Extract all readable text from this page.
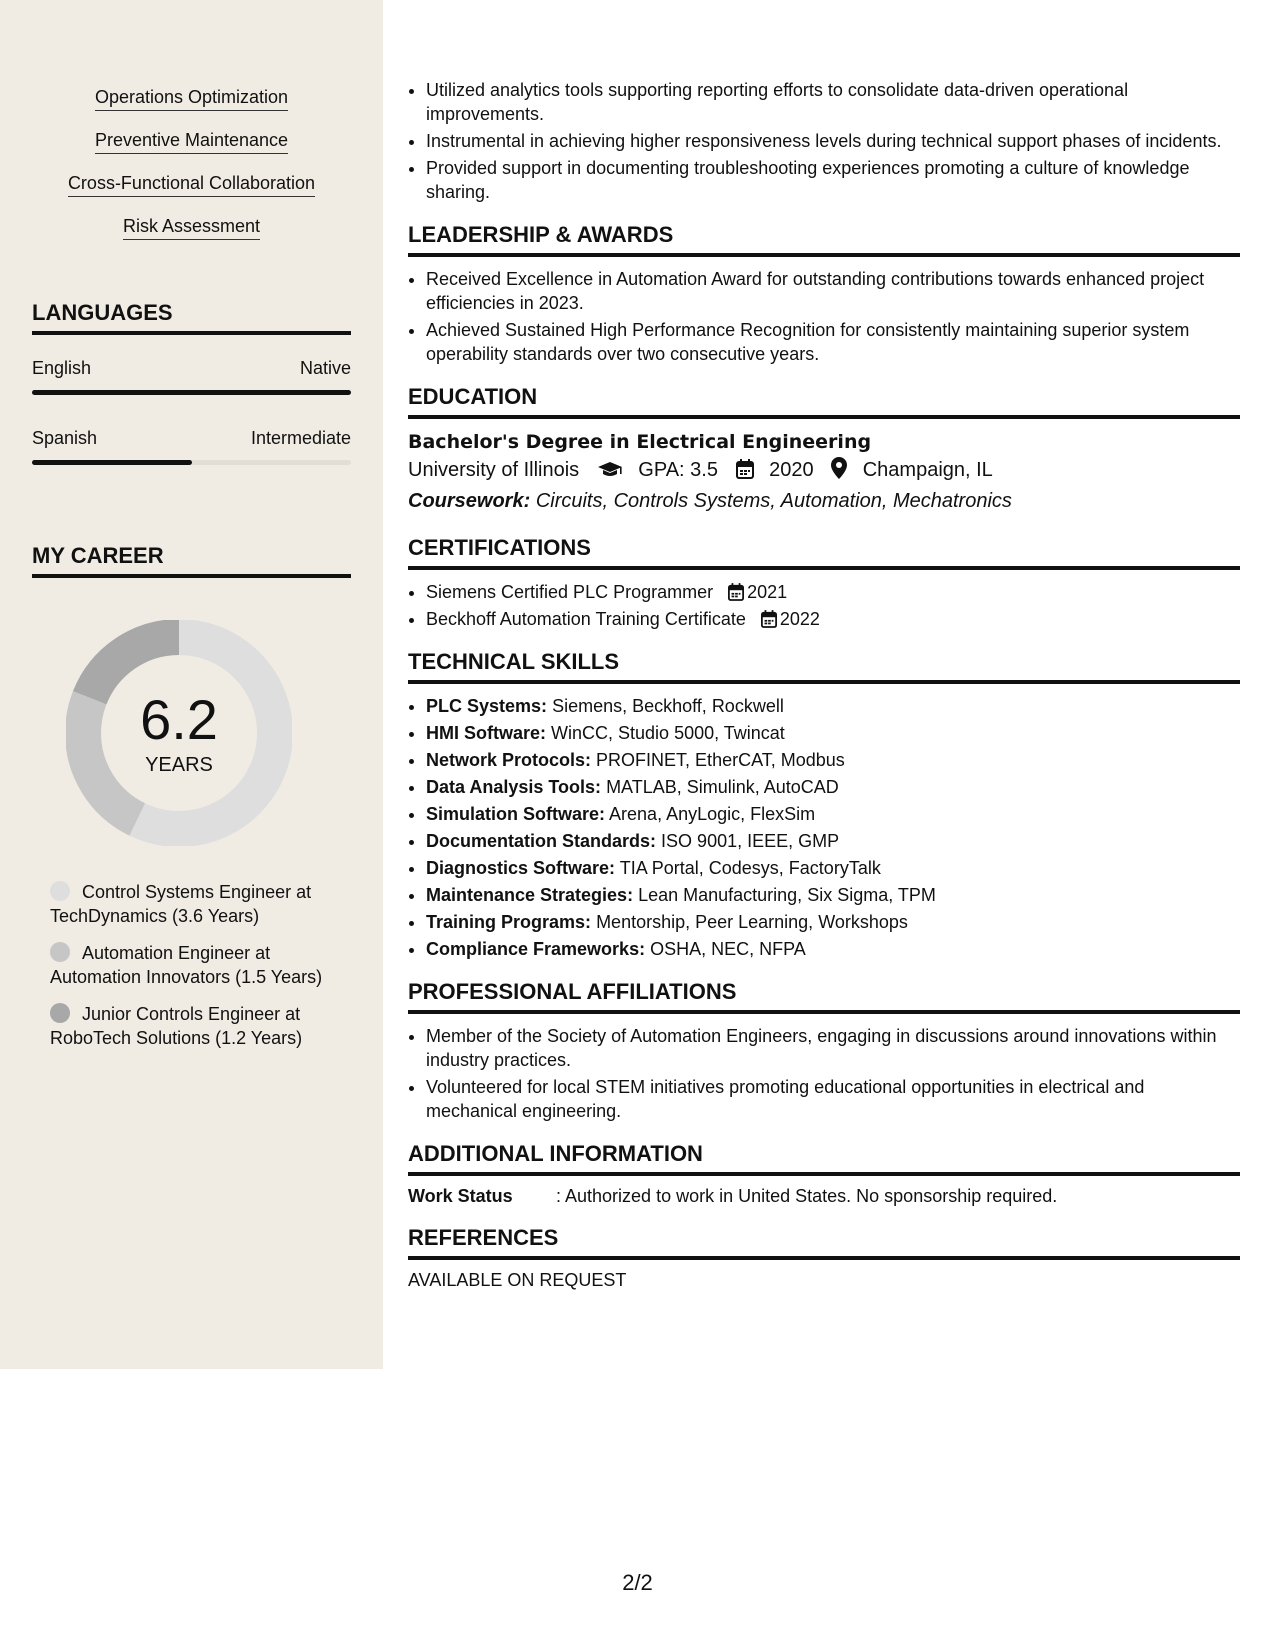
Operations Optimization
Preventive Maintenance
Cross-Functional Collaboration
Risk Assessment
LANGUAGES
English	Native
Spanish	Intermediate
MY CAREER
6.2
YEARS
Control Systems Engineer at TechDynamics (3.6 Years)
Automation Engineer at Automation Innovators (1.5 Years)
Junior Controls Engineer at RoboTech Solutions (1.2 Years)
• Utilized analytics tools supporting reporting efforts to consolidate data-driven operational improvements.
• Instrumental in achieving higher responsiveness levels during technical support phases of incidents.
• Provided support in documenting troubleshooting experiences promoting a culture of knowledge sharing.
LEADERSHIP & AWARDS
• Received Excellence in Automation Award for outstanding contributions towards enhanced project efficiencies in 2023.
• Achieved Sustained High Performance Recognition for consistently maintaining superior system operability standards over two consecutive years.
EDUCATION
Bachelor's Degree in Electrical Engineering
University of Illinois	GPA: 3.5	2020 Champaign, IL
Coursework: Circuits, Controls Systems, Automation, Mechatronics
CERTIFICATIONS
• Siemens Certified PLC Programmer 2021
• Beckhoff Automation Training Certificate 2022
TECHNICAL SKILLS
• PLC Systems: Siemens, Beckhoff, Rockwell
• HMI Software: WinCC, Studio 5000, Twincat
• Network Protocols: PROFINET, EtherCAT, Modbus
• Data Analysis Tools: MATLAB, Simulink, AutoCAD
• Simulation Software: Arena, AnyLogic, FlexSim
• Documentation Standards: ISO 9001, IEEE, GMP
• Diagnostics Software: TIA Portal, Codesys, FactoryTalk
• Maintenance Strategies: Lean Manufacturing, Six Sigma, TPM
• Training Programs: Mentorship, Peer Learning, Workshops
• Compliance Frameworks: OSHA, NEC, NFPA
PROFESSIONAL AFFILIATIONS
• Member of the Society of Automation Engineers, engaging in discussions around innovations within industry practices.
• Volunteered for local STEM initiatives promoting educational opportunities in electrical and mechanical engineering.
ADDITIONAL INFORMATION
Work Status : Authorized to work in United States. No sponsorship required.
REFERENCES
AVAILABLE ON REQUEST
2/2
